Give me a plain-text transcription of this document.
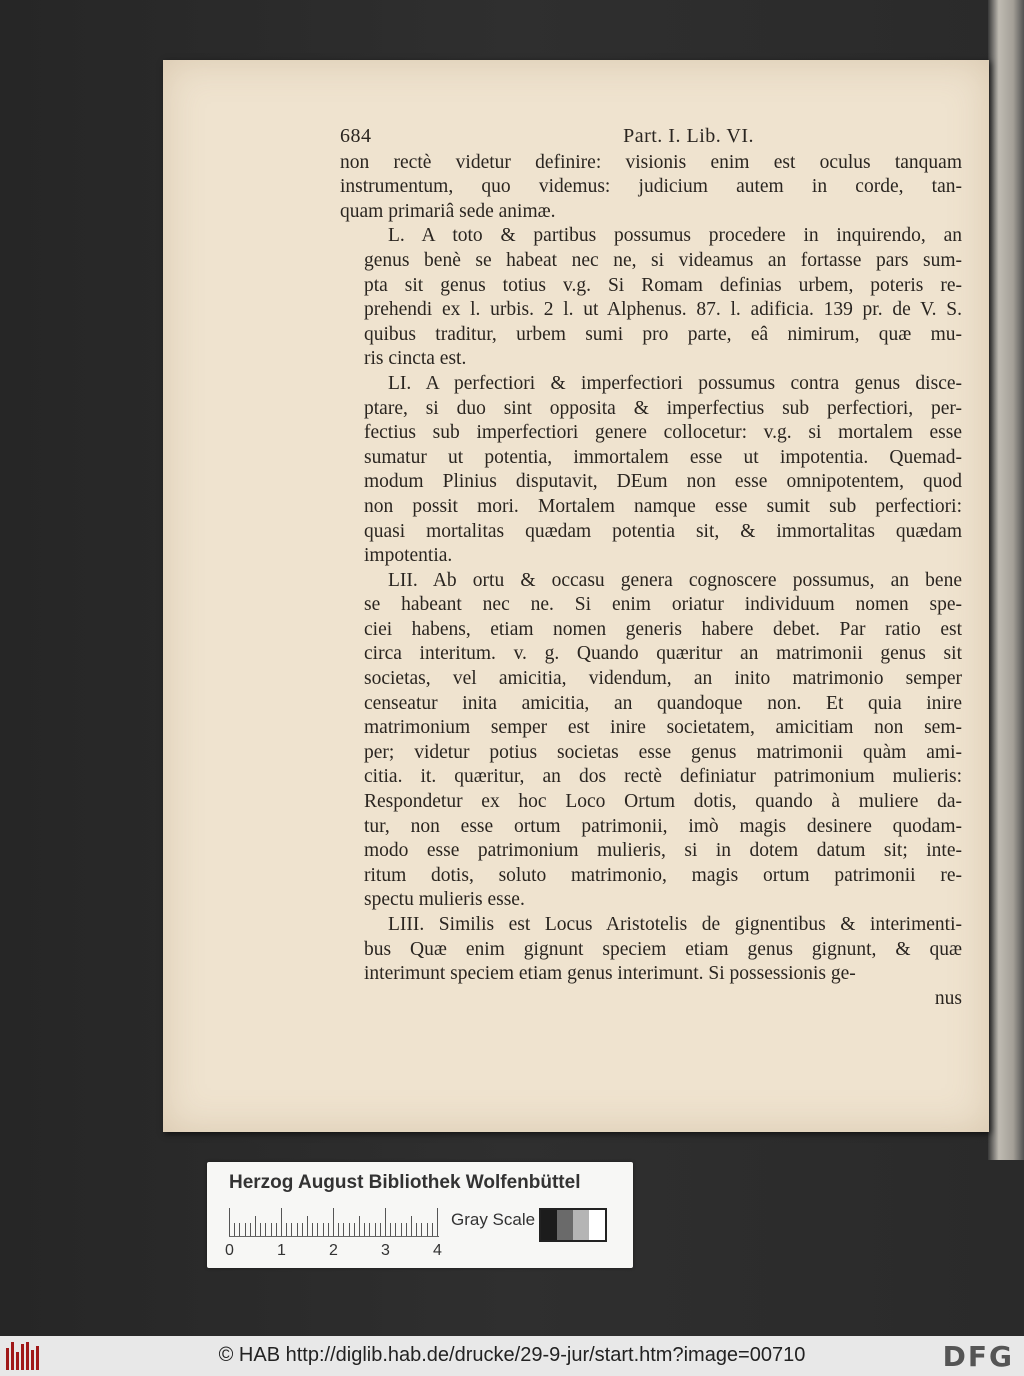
684	Part. I. Lib. VI.
non rectè videtur definire: visionis enim est oculus tanquam
instrumentum, quo videmus: judicium autem in corde, tan-
quam primariâ sede animæ.
L. A toto & partibus possumus procedere in inquirendo, an
genus benè se habeat nec ne, si videamus an fortasse pars sum-
pta sit genus totius v.g. Si Romam definias urbem, poteris re-
prehendi ex l. urbis. 2 l. ut Alphenus. 87. l. adificia. 139 pr. de V. S.
quibus traditur, urbem sumi pro parte, eâ nimirum, quæ mu-
ris cincta est.
LI. A perfectiori & imperfectiori possumus contra genus disce-
ptare, si duo sint opposita & imperfectius sub perfectiori, per-
fectius sub imperfectiori genere collocetur: v.g. si mortalem esse
sumatur ut potentia, immortalem esse ut impotentia. Quemad-
modum Plinius disputavit, DEum non esse omnipotentem, quod
non possit mori. Mortalem namque esse sumit sub perfectiori:
quasi mortalitas quædam potentia sit, & immortalitas quædam
impotentia.
LII. Ab ortu & occasu genera cognoscere possumus, an bene
se habeant nec ne. Si enim oriatur individuum nomen spe-
ciei habens, etiam nomen generis habere debet. Par ratio est
circa interitum. v. g. Quando quæritur an matrimonii genus sit
societas, vel amicitia, videndum, an inito matrimonio semper
censeatur inita amicitia, an quandoque non. Et quia inire
matrimonium semper est inire societatem, amicitiam non sem-
per; videtur potius societas esse genus matrimonii quàm ami-
citia. it. quæritur, an dos rectè definiatur patrimonium mulieris:
Respondetur ex hoc Loco Ortum dotis, quando à muliere da-
tur, non esse ortum patrimonii, imò magis desinere quodam-
modo esse patrimonium mulieris, si in dotem datum sit; inte-
ritum dotis, soluto matrimonio, magis ortum patrimonii re-
spectu mulieris esse.
LIII. Similis est Locus Aristotelis de gignentibus & interimenti-
bus Quæ enim gignunt speciem etiam genus gignunt, & quæ
interimunt speciem etiam genus interimunt. Si possessionis ge-
nus
Herzog August Bibliothek Wolfenbüttel
0	1	2	3	4
Gray Scale
© HAB http://diglib.hab.de/drucke/29-9-jur/start.htm?image=00710	DFG
